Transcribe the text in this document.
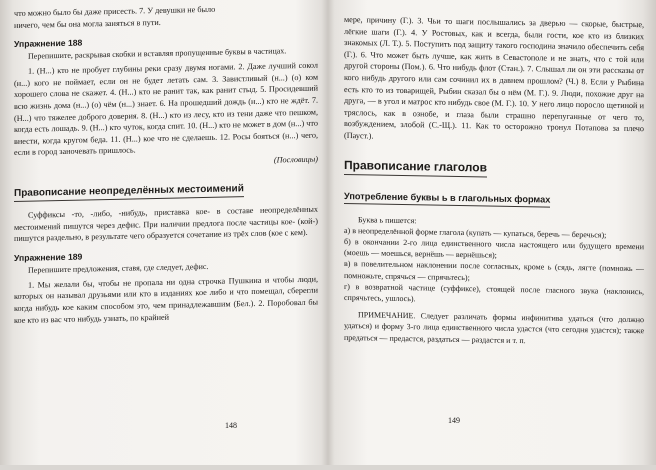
что можно было бы даже присесть. 7. У девушки не было

ничего, чем бы она могла заняться в пути.

Упражнение 188

Перепишите, раскрывая скобки и вставляя пропущенные буквы в частицах.

1. (Н...) кто не пробует глубины реки сразу двумя ногами. 2. Даже лучший сокол (н...) кого не поймает, если он не будет летать сам. 3. Завистливый (н...) (о) ком хорошего слова не скажет. 4. (Н...) кто не ранит так, как ранит стыд. 5. Просидевший всю жизнь дома (н...) (о) чём (н...) знает. 6. На прошедший дождь (н...) кто не ждёт. 7. (Н...) что тяжелее доброго доверия. 8. (Н...) кто из лесу, кто из тени даже что пешком, когда есть лошадь. 9. (Н...) кто чуток, когда спит. 10. (Н...) кто не может в дом (н...) что внести, когда кругом беда. 11. (Н...) кое что не сделаешь. 12. Росы бояться (н...) чего, если в город заночевать пришлось.

(Пословицы)

Правописание неопределённых местоимений

Суффиксы -то, -либо, -нибудь, приставка кое- в составе неопределённых местоимений пишутся через дефис. При наличии предлога после частицы кое- (кой-) пишутся раздельно, в результате чего образуется сочетание из трёх слов (кое с кем).

Упражнение 189

Перепишите предложения, ставя, где следует, дефис.

1. Мы желали бы, чтобы не пропала ни одна строчка Пушкина и чтобы люди, которых он называл друзьями или кто в изданиях кое либо и что помещал, сберегли когда нибудь кое каким способом это, чем принадлежавшим (Бел.). 2. Поробовал бы кое кто из вас что нибудь узнать, по крайней

мере, причину (Г.). 3. Чьи то шаги послышались за дверью — скорые, быстрые, лёгкие шаги (Г.). 4. У Ростовых, как и всегда, были гости, кое кто из близких знакомых (Л. Т.). 5. Поступить под защиту такого господина значило обеспечить себя (Г.). 6. Что может быть лучше, как жить в Севастополе и не знать, что с той или другой стороны (Пом.). 6. Что нибудь флот (Стан.). 7. Слышал ли он эти рассказы от кого нибудь другого или сам сочинил их в давнем прошлом? (Ч.) 8. Если у Рыбина есть кто то из товарищей, Рыбин сказал бы о нём (М. Г.). 9. Люди, похожие друг на друга, — в угол и матрос кто нибудь свое (М. Г.). 10. У него лицо поросло щетиной и тряслось, как в ознобе, и глаза были страшно перепуганные от чего то, возбуждением, злобой (С.-Щ.). 11. Как то осторожно тронул Потапова за плечо (Пауст.).

Правописание глаголов
Употребление буквы ь в глагольных формах

Буква ь пишется:

а) в неопределённой форме глагола (купать — купаться, беречь — беречься);

б) в окончании 2-го лица единственного числа настоящего или будущего времени (моешь — моешься, вернёшь — вернёшься);

в) в повелительном наклонении после согласных, кроме ь (сядь, лягте (помножь — помножьте, спрячься — спрячьтесь);

г) в возвратной частице (суффиксе), стоящей после гласного звука (наклонись, спрячьтесь, ушлось).

ПРИМЕЧАНИЕ. Следует различать формы инфинитива удаться (что должно удаться) и форму 3-го лица единственного числа удастся (что сегодня удастся); также предаться — предастся, раздаться — раздастся и т. п.

148
149
